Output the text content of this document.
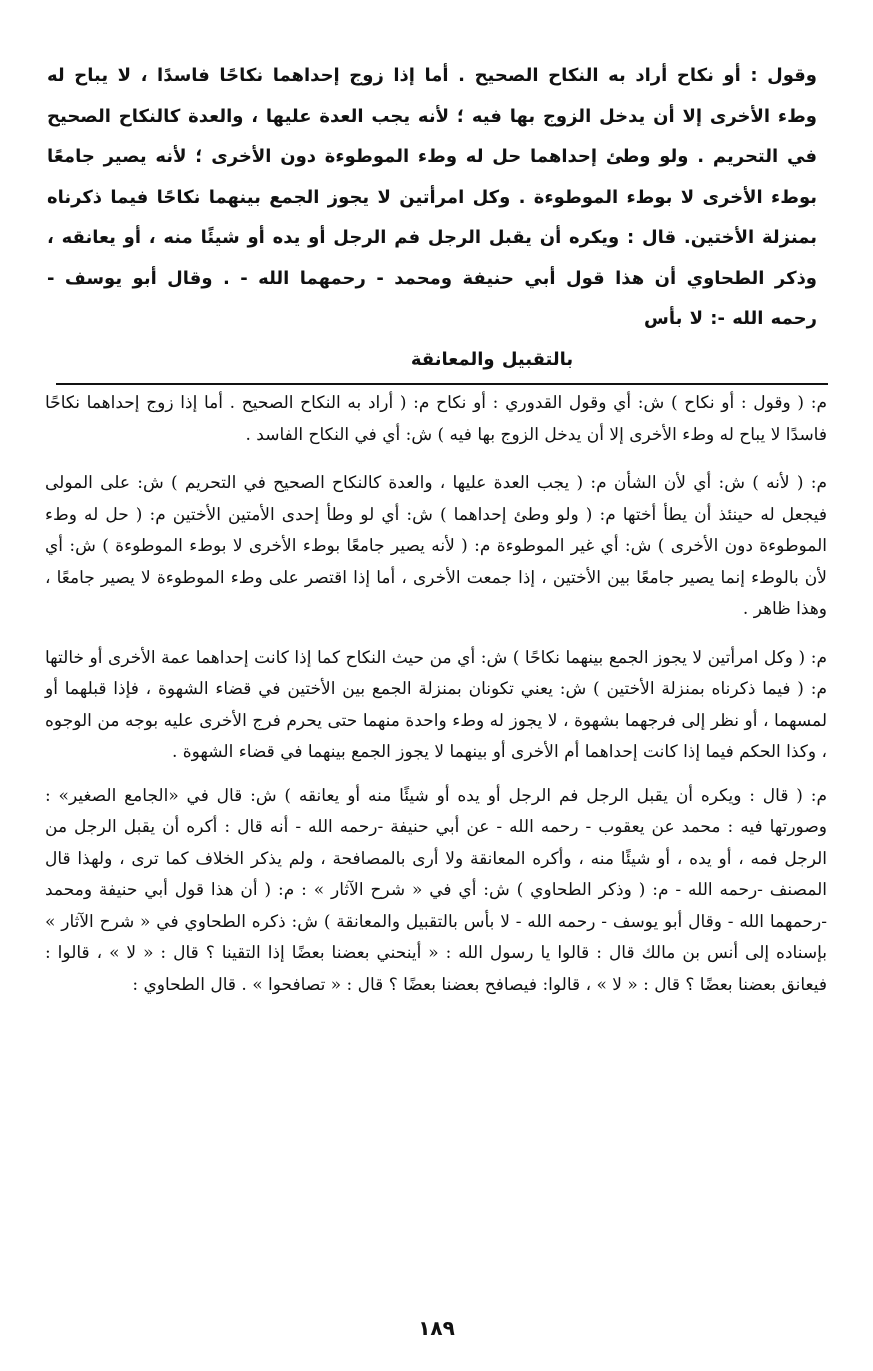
وقول : أو نكاح أراد به النكاح الصحيح . أما إذا زوج إحداهما نكاحًا فاسدًا ، لا يباح له وطء الأخرى إلا أن يدخل الزوج بها فيه ؛ لأنه يجب العدة عليها ، والعدة كالنكاح الصحيح في التحريم . ولو وطئ إحداهما حل له وطء الموطوءة دون الأخرى ؛ لأنه يصير جامعًا بوطء الأخرى لا بوطء الموطوءة . وكل امرأتين لا يجوز الجمع بينهما نكاحًا فيما ذكرناه بمنزلة الأختين. قال : ويكره أن يقبل الرجل فم الرجل أو يده أو شيئًا منه ، أو يعانقه ، وذكر الطحاوي أن هذا قول أبي حنيفة ومحمد - رحمهما الله - . وقال أبو يوسف - رحمه الله -: لا بأس

بالتقبيل والمعانقة

م: ( وقول : أو نكاح ) ش: أي وقول القدوري : أو نكاح م: ( أراد به النكاح الصحيح . أما إذا زوج إحداهما نكاحًا فاسدًا لا يباح له وطء الأخرى إلا أن يدخل الزوج بها فيه ) ش: أي في النكاح الفاسد .

م: ( لأنه ) ش: أي لأن الشأن م: ( يجب العدة عليها ، والعدة كالنكاح الصحيح في التحريم ) ش: على المولى فيجعل له حينئذ أن يطأ أختها م: ( ولو وطئ إحداهما ) ش: أي لو وطأ إحدى الأمتين الأختين م: ( حل له وطء الموطوءة دون الأخرى ) ش: أي غير الموطوءة م: ( لأنه يصير جامعًا بوطء الأخرى لا بوطء الموطوءة ) ش: أي لأن بالوطء إنما يصير جامعًا بين الأختين ، إذا جمعت الأخرى ، أما إذا اقتصر على وطء الموطوءة لا يصير جامعًا ، وهذا ظاهر .

م: ( وكل امرأتين لا يجوز الجمع بينهما نكاحًا ) ش: أي من حيث النكاح كما إذا كانت إحداهما عمة الأخرى أو خالتها م: ( فيما ذكرناه بمنزلة الأختين ) ش: يعني تكونان بمنزلة الجمع بين الأختين في قضاء الشهوة ، فإذا قبلهما أو لمسهما ، أو نظر إلى فرجهما بشهوة ، لا يجوز له وطء واحدة منهما حتى يحرم فرج الأخرى عليه بوجه من الوجوه ، وكذا الحكم فيما إذا كانت إحداهما أم الأخرى أو بينهما لا يجوز الجمع بينهما في قضاء الشهوة .

م: ( قال : ويكره أن يقبل الرجل فم الرجل أو يده أو شيئًا منه أو يعانقه ) ش: قال في «الجامع الصغير» : وصورتها فيه : محمد عن يعقوب - رحمه الله - عن أبي حنيفة -رحمه الله - أنه قال : أكره أن يقبل الرجل من الرجل فمه ، أو يده ، أو شيئًا منه ، وأكره المعانقة ولا أرى بالمصافحة ، ولم يذكر الخلاف كما ترى ، ولهذا قال المصنف -رحمه الله - م: ( وذكر الطحاوي ) ش: أي في « شرح الآثار » : م: ( أن هذا قول أبي حنيفة ومحمد -رحمهما الله - وقال أبو يوسف - رحمه الله - لا بأس بالتقبيل والمعانقة ) ش: ذكره الطحاوي في « شرح الآثار » بإسناده إلى أنس بن مالك قال : قالوا يا رسول الله : « أينحني بعضنا بعضًا إذا التقينا ؟ قال : « لا » ، قالوا : فيعانق بعضنا بعضًا ؟ قال : « لا » ، قالوا: فيصافح بعضنا بعضًا ؟ قال : « تصافحوا » . قال الطحاوي :

١٨٩
